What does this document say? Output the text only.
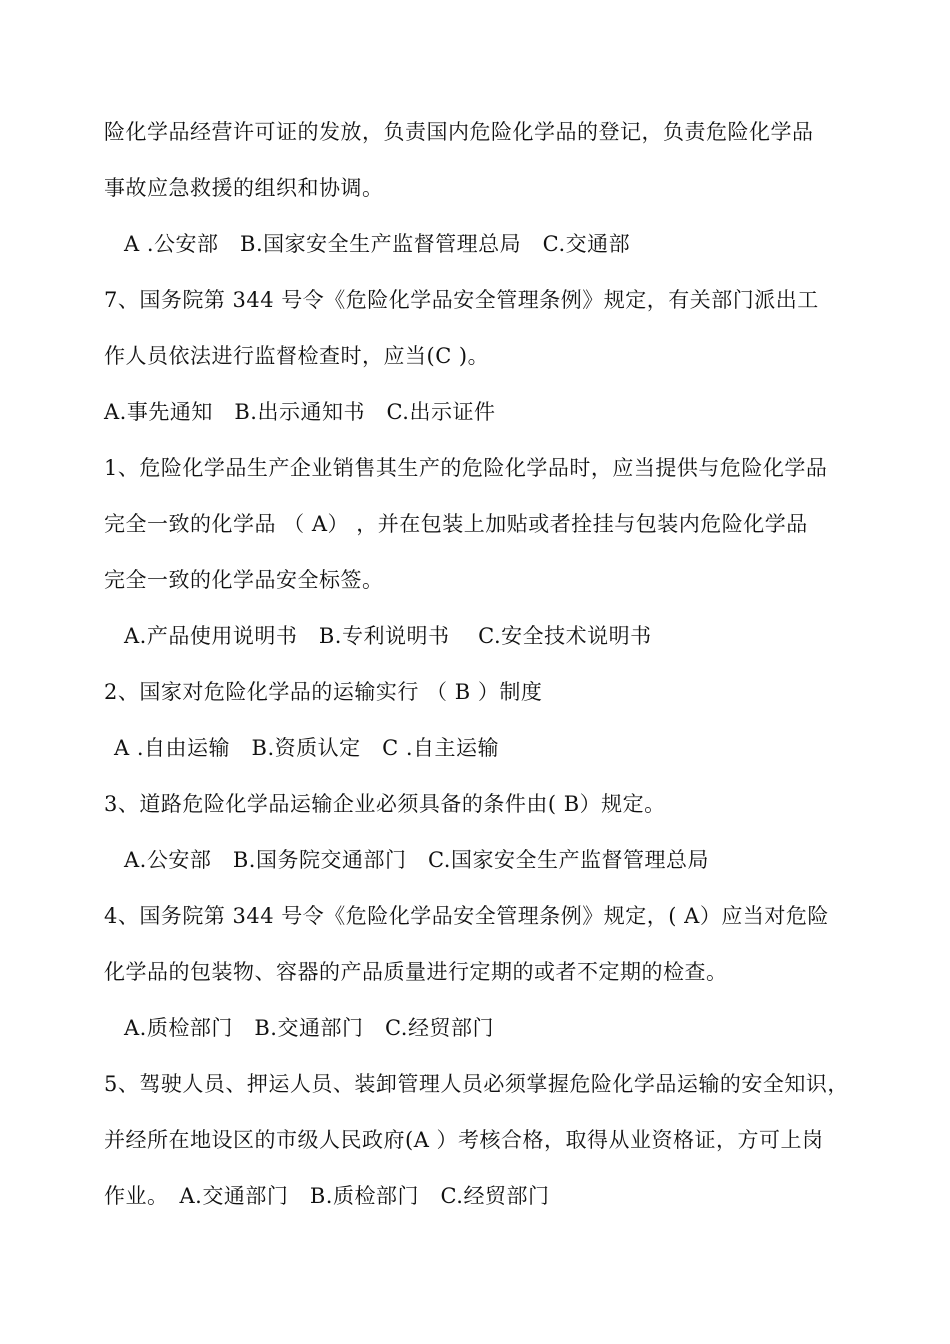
险化学品经营许可证的发放，负责国内危险化学品的登记，负责危险化学品
事故应急救援的组织和协调。
A .公安部　B.国家安全生产监督管理总局　C.交通部
7、国务院第 344 号令《危险化学品安全管理条例》规定，有关部门派出工
作人员依法进行监督检查时，应当(C )。
A.事先通知　B.出示通知书　C.出示证件
1、危险化学品生产企业销售其生产的危险化学品时，应当提供与危险化学品
完全一致的化学品 （ A） ，并在包装上加贴或者拴挂与包装内危险化学品
完全一致的化学品安全标签。
A.产品使用说明书　B.专利说明书　 C.安全技术说明书
2、国家对危险化学品的运输实行 （ B ）制度
A .自由运输　B.资质认定　C .自主运输
3、道路危险化学品运输企业必须具备的条件由( B）规定。
A.公安部　B.国务院交通部门　C.国家安全生产监督管理总局
4、国务院第 344 号令《危险化学品安全管理条例》规定，( A）应当对危险
化学品的包装物、容器的产品质量进行定期的或者不定期的检查。
A.质检部门　B.交通部门　C.经贸部门
5、驾驶人员、押运人员、装卸管理人员必须掌握危险化学品运输的安全知识，
并经所在地设区的市级人民政府(A ）考核合格，取得从业资格证，方可上岗
作业。　A.交通部门　B.质检部门　C.经贸部门
